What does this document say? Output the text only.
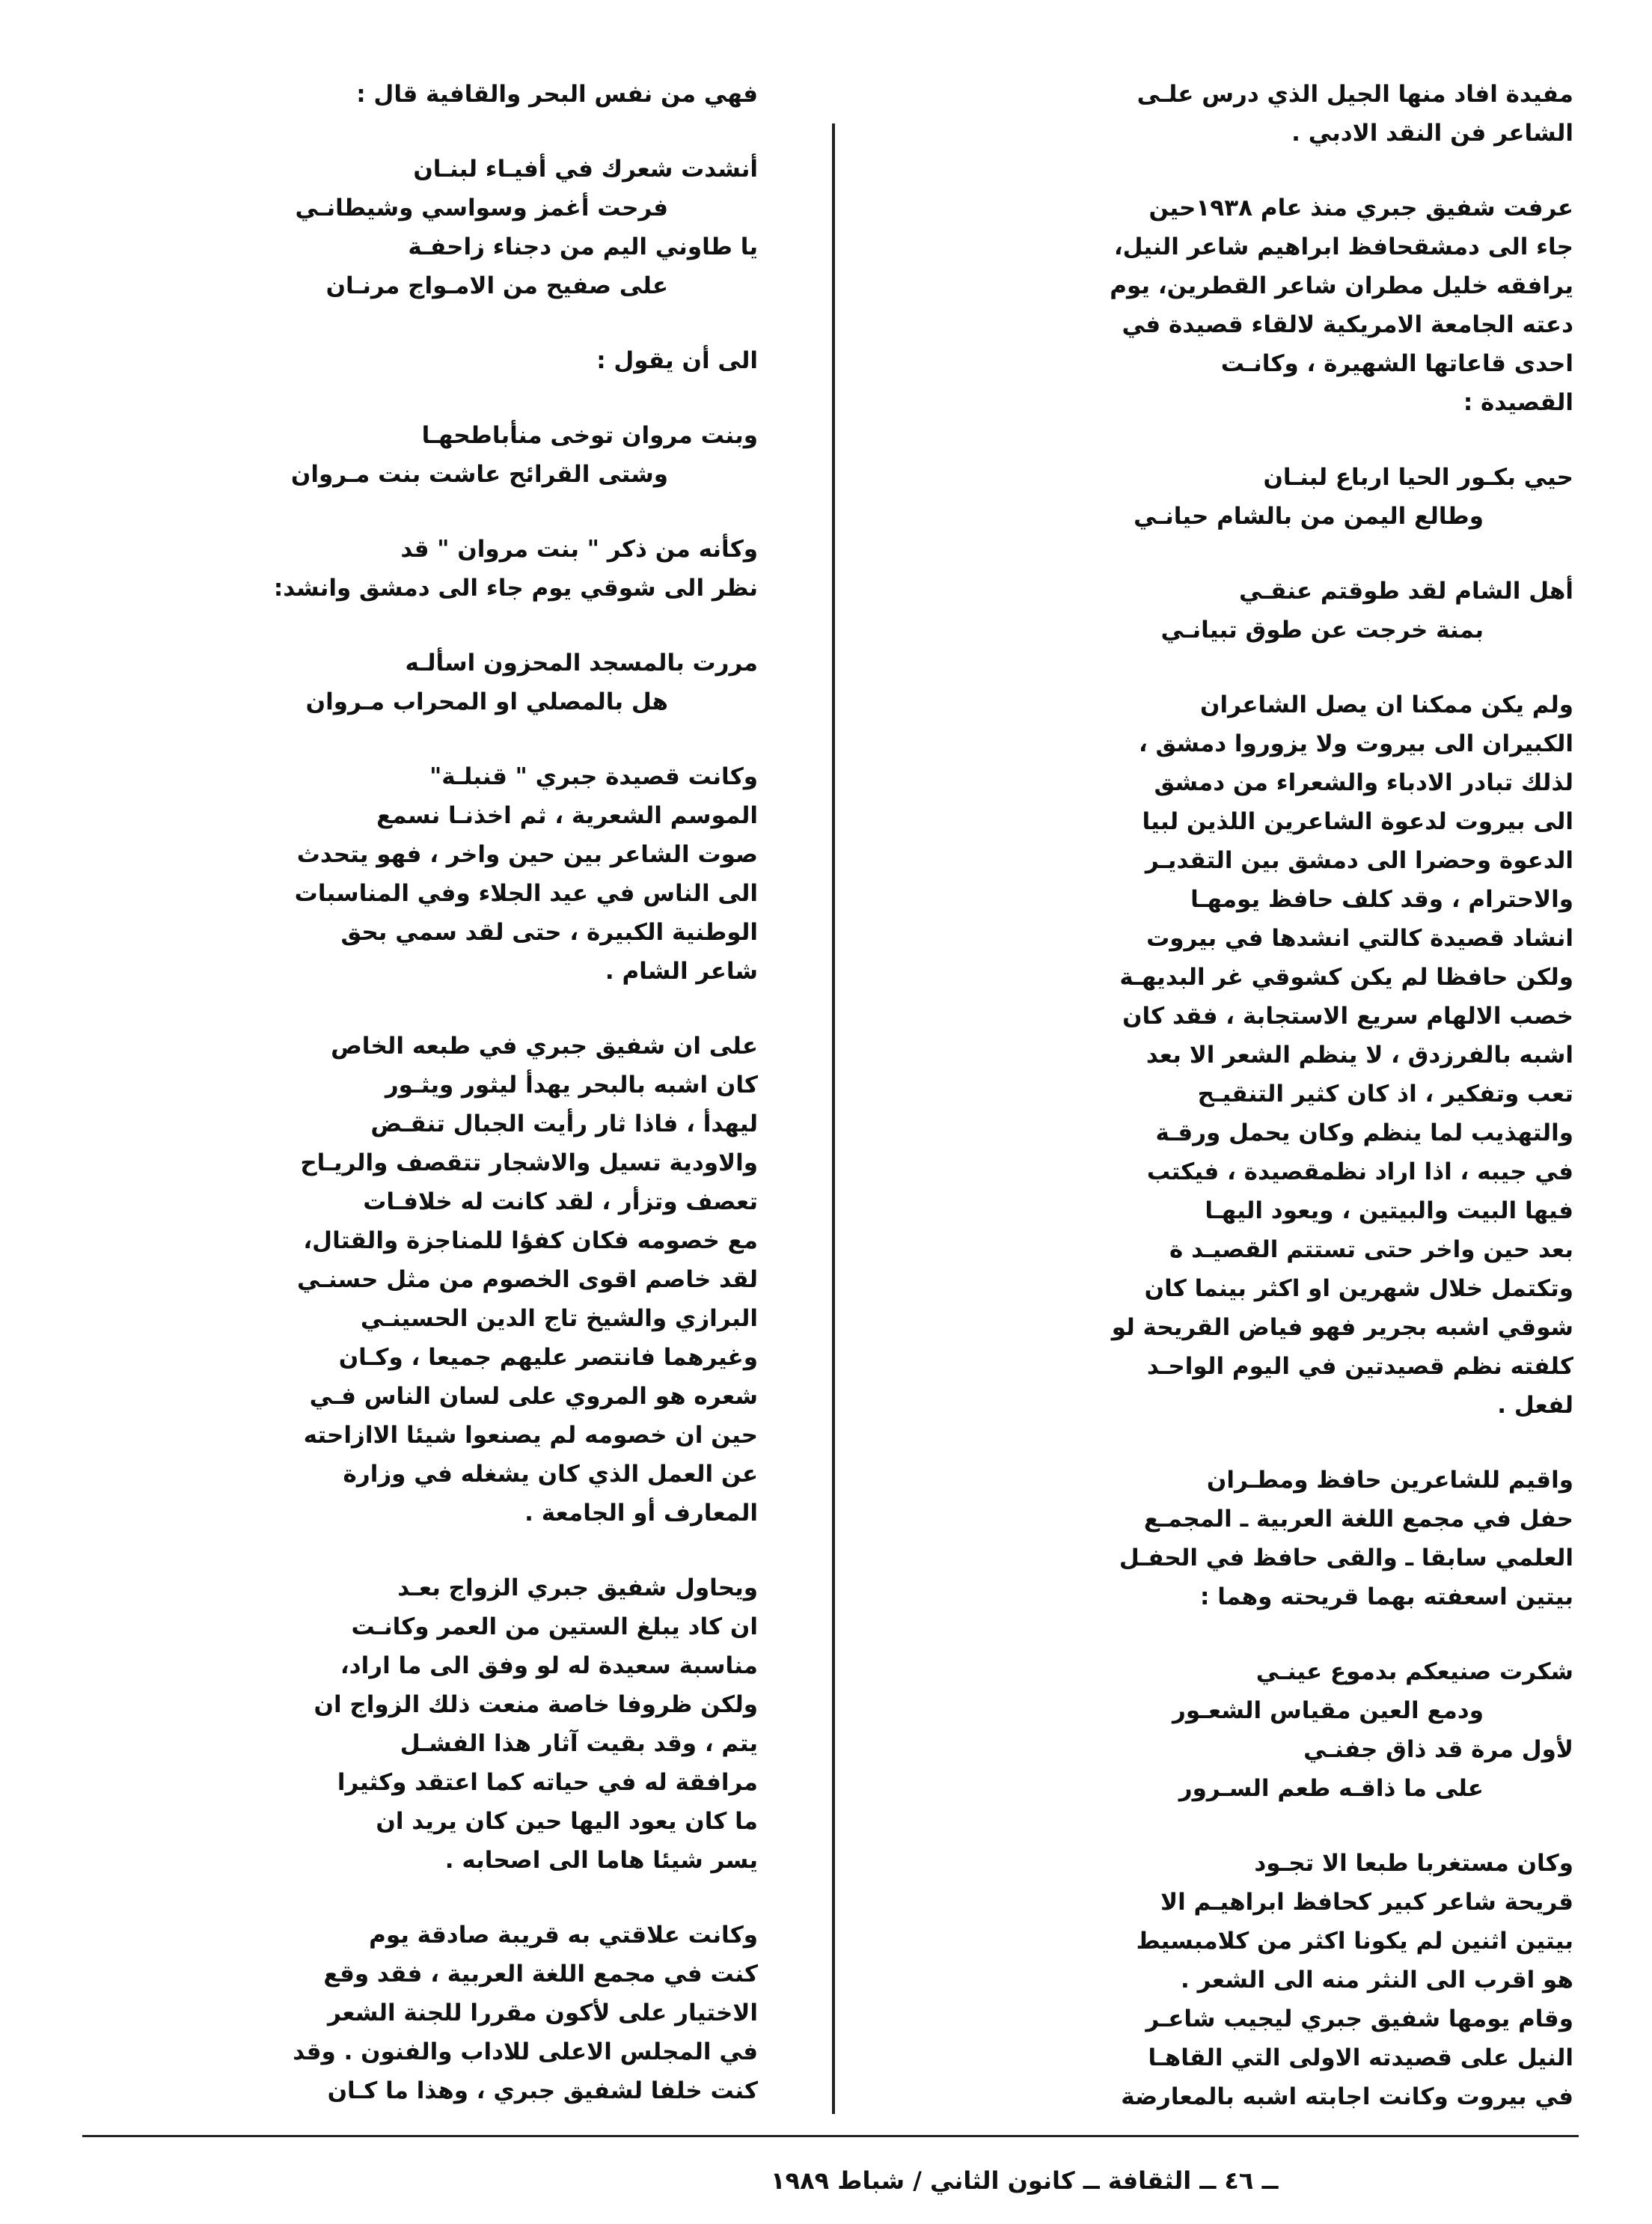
مفيدة افاد منها الجيل الذي درس علـى
الشاعر فن النقد الادبي .
عرفت شفيق جبري منذ عام ١٩٣٨حين
جاء الى دمشقحافظ ابراهيم شاعر النيل،
يرافقه خليل مطران شاعر القطرين، يوم
دعته الجامعة الامريكية لالقاء قصيدة في
احدى قاعاتها الشهيرة ، وكانـت
القصيدة :
حيي بكـور الحيا ارباع لبنـان
وطالع اليمن من بالشام حيانـي
أهل الشام لقد طوقتم عنقـي
بمنة خرجت عن طوق تبيانـي
ولم يكن ممكنا ان يصل الشاعران
الكبيران الى بيروت ولا يزوروا دمشق ،
لذلك تبادر الادباء والشعراء من دمشق
الى بيروت لدعوة الشاعرين اللذين لبيا
الدعوة وحضرا الى دمشق بين التقديـر
والاحترام ، وقد كلف حافظ يومهـا
انشاد قصيدة كالتي انشدها في بيروت
ولكن حافظا لم يكن كشوقي غر البديهـة
خصب الالهام سريع الاستجابة ، فقد كان
اشبه بالفرزدق ، لا ينظم الشعر الا بعد
تعب وتفكير ، اذ كان كثير التنقيـح
والتهذيب لما ينظم وكان يحمل ورقـة
في جيبه ، اذا اراد نظمقصيدة ، فيكتب
فيها البيت والبيتين ، ويعود اليهـا
بعد حين واخر حتى تستتم القصيـد ة
وتكتمل خلال شهرين او اكثر بينما كان
شوقي اشبه بجرير فهو فياض القريحة لو
كلفته نظم قصيدتين في اليوم الواحـد
لفعل .
واقيم للشاعرين حافظ ومطـران
حفل في مجمع اللغة العربية ـ المجمـع
العلمي سابقا ـ والقى حافظ في الحفـل
بيتين اسعفته بهما قريحته وهما :
شكرت صنيعكم بدموع عينـي
ودمع العين مقياس الشعـور
لأول مرة قد ذاق جفنـي
على ما ذاقـه طعم السـرور
وكان مستغربا طبعا الا تجـود
قريحة شاعر كبير كحافظ ابراهيـم الا
بيتين اثنين لم يكونا اكثر من كلامبسيط
هو اقرب الى النثر منه الى الشعر .
وقام يومها شفيق جبري ليجيب شاعـر
النيل على قصيدته الاولى التي القاهـا
في بيروت وكانت اجابته اشبه بالمعارضة
فهي من نفس البحر والقافية قال :
أنشدت شعرك في أفيـاء لبنـان
فرحت أغمز وسواسي وشيطانـي
يا طاوني اليم من دجناء زاحفـة
على صفيح من الامـواج مرنـان
الى أن يقول :
وبنت مروان توخى منأباطحهـا
وشتى القرائح عاشت بنت مـروان
وكأنه من ذكر " بنت مروان " قد
نظر الى شوقي يوم جاء الى دمشق وانشد:
مررت بالمسجد المحزون اسألـه
هل بالمصلي او المحراب مـروان
وكانت قصيدة جبري " قنبلـة"
الموسم الشعرية ، ثم اخذنـا نسمع
صوت الشاعر بين حين واخر ، فهو يتحدث
الى الناس في عيد الجلاء وفي المناسبات
الوطنية الكبيرة ، حتى لقد سمي بحق
شاعر الشام .
على ان شفيق جبري في طبعه الخاص
كان اشبه بالبحر يهدأ ليثور ويثـور
ليهدأ ، فاذا ثار رأيت الجبال تنقـض
والاودية تسيل والاشجار تتقصف والريـاح
تعصف وتزأر ، لقد كانت له خلافـات
مع خصومه فكان كفؤا للمناجزة والقتال،
لقد خاصم اقوى الخصوم من مثل حسنـي
البرازي والشيخ تاج الدين الحسينـي
وغيرهما فانتصر عليهم جميعا ، وكـان
شعره هو المروي على لسان الناس فـي
حين ان خصومه لم يصنعوا شيئا الاازاحته
عن العمل الذي كان يشغله في وزارة
المعارف أو الجامعة .
ويحاول شفيق جبري الزواج بعـد
ان كاد يبلغ الستين من العمر وكانـت
مناسبة سعيدة له لو وفق الى ما اراد،
ولكن ظروفا خاصة منعت ذلك الزواج ان
يتم ، وقد بقيت آثار هذا الفشـل
مرافقة له في حياته كما اعتقد وكثيرا
ما كان يعود اليها حين كان يريد ان
يسر شيئا هاما الى اصحابه .
وكانت علاقتي به قريبة صادقة يوم
كنت في مجمع اللغة العربية ، فقد وقع
الاختيار على لأكون مقررا للجنة الشعر
في المجلس الاعلى للاداب والفنون . وقد
كنت خلفا لشفيق جبري ، وهذا ما كـان
ــ ٤٦ ــ الثقافة ــ كانون الثاني / شباط ١٩٨٩
